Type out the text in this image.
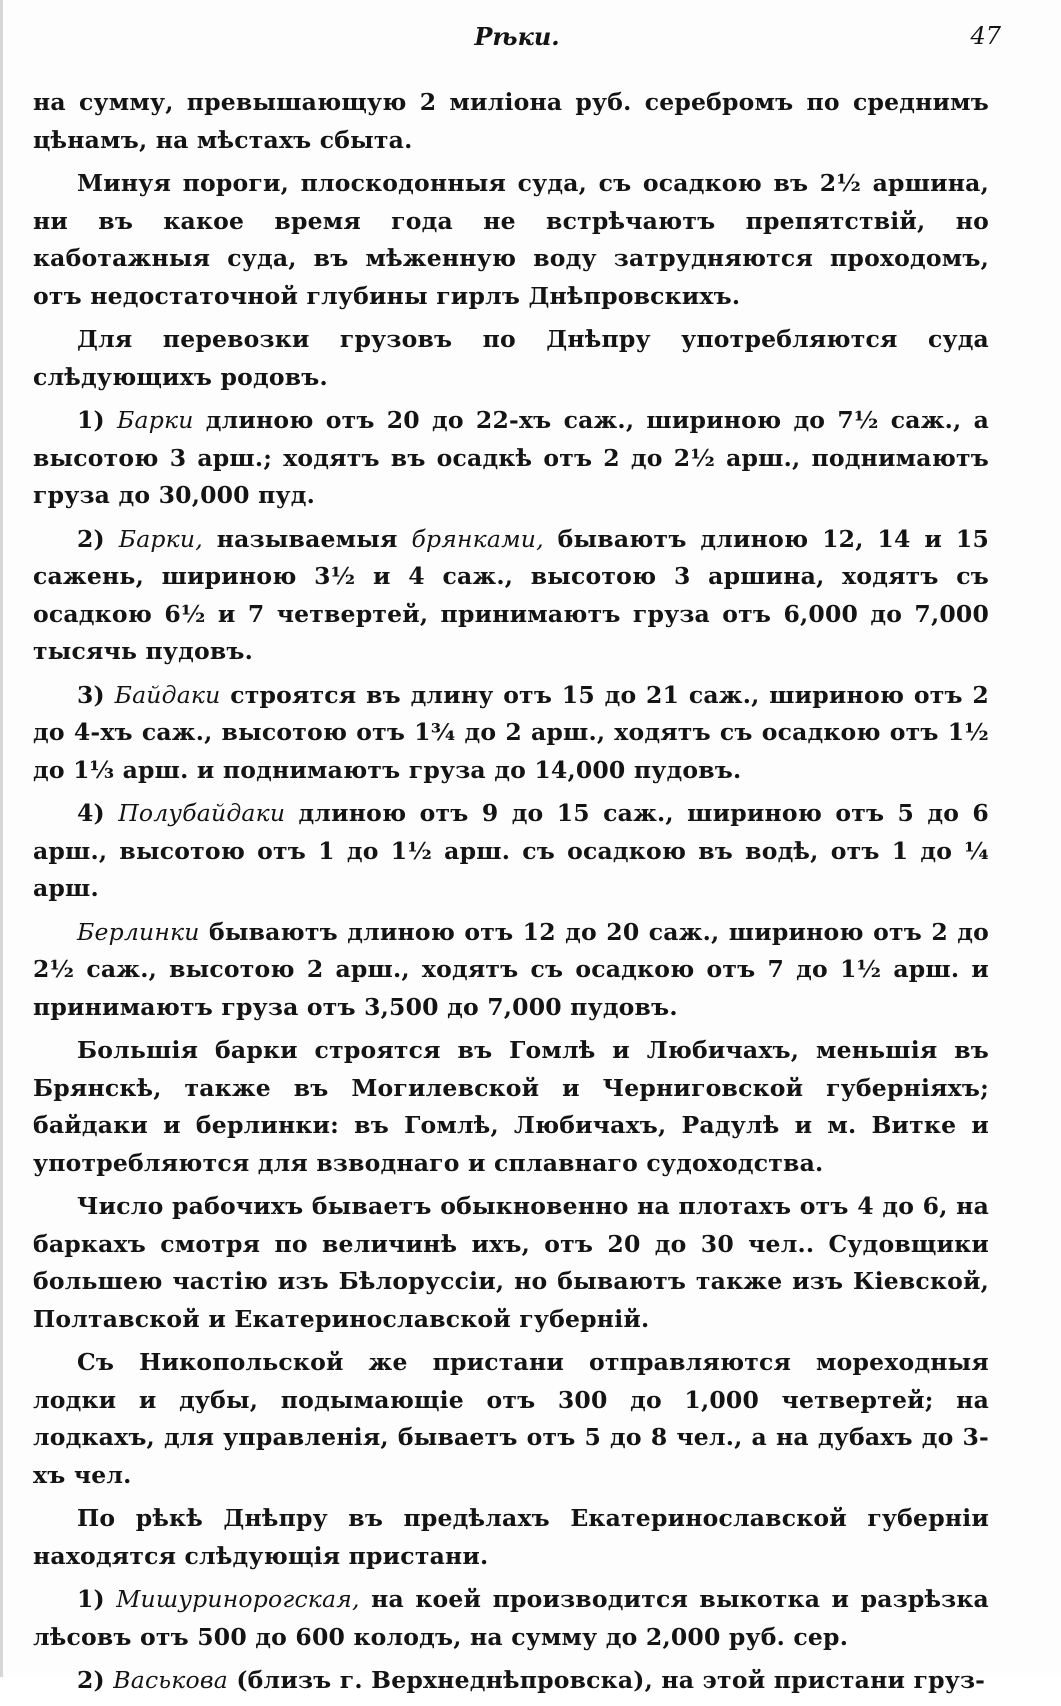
Рѣки.	47

на сумму, превышающую 2 миліона руб. серебромъ по среднимъ цѣнамъ, на мѣстахъ сбыта.

Минуя пороги, плоскодонныя суда, съ осадкою въ 2½ аршина, ни въ какое время года не встрѣчаютъ препятствій, но каботажныя суда, въ мѣженную воду затрудняются проходомъ, отъ недостаточной глубины гирлъ Днѣпровскихъ.

Для перевозки грузовъ по Днѣпру употребляются суда слѣдующихъ родовъ.

1) Барки длиною отъ 20 до 22-хъ саж., шириною до 7½ саж., а высотою 3 арш.; ходятъ въ осадкѣ отъ 2 до 2½ арш., поднимаютъ груза до 30,000 пуд.

2) Барки, называемыя брянками, бываютъ длиною 12, 14 и 15 сажень, шириною 3½ и 4 саж., высотою 3 аршина, ходятъ съ осадкою 6½ и 7 четвертей, принимаютъ груза отъ 6,000 до 7,000 тысячь пудовъ.

3) Байдаки строятся въ длину отъ 15 до 21 саж., шириною отъ 2 до 4-хъ саж., высотою отъ 1¾ до 2 арш., ходятъ съ осадкою отъ 1½ до 1⅓ арш. и поднимаютъ груза до 14,000 пудовъ.

4) Полубайдаки длиною отъ 9 до 15 саж., шириною отъ 5 до 6 арш., высотою отъ 1 до 1½ арш. съ осадкою въ водѣ, отъ 1 до ¼ арш.

Берлинки бываютъ длиною отъ 12 до 20 саж., шириною отъ 2 до 2½ саж., высотою 2 арш., ходятъ съ осадкою отъ 7 до 1½ арш. и принимаютъ груза отъ 3,500 до 7,000 пудовъ.

Большія барки строятся въ Гомлѣ и Любичахъ, меньшія въ Брянскѣ, также въ Могилевской и Черниговской губерніяхъ; байдаки и берлинки: въ Гомлѣ, Любичахъ, Радулѣ и м. Витке и употребляются для взводнаго и сплавнаго судоходства.

Число рабочихъ бываетъ обыкновенно на плотахъ отъ 4 до 6, на баркахъ смотря по величинѣ ихъ, отъ 20 до 30 чел.. Судовщики большею частію изъ Бѣлоруссіи, но бываютъ также изъ Кіевской, Полтавской и Екатеринославской губерній.

Съ Никопольской же пристани отправляются мореходныя лодки и дубы, подымающіе отъ 300 до 1,000 четвертей; на лодкахъ, для управленія, бываетъ отъ 5 до 8 чел., а на дубахъ до 3-хъ чел.

По рѣкѣ Днѣпру въ предѣлахъ Екатеринославской губерніи находятся слѣдующія пристани.

1) Мишуринорогская, на коей производится выкотка и разрѣзка лѣсовъ отъ 500 до 600 колодъ, на сумму до 2,000 руб. сер.

2) Васькова (близъ г. Верхнеднѣпровска), на этой пристани груз-
